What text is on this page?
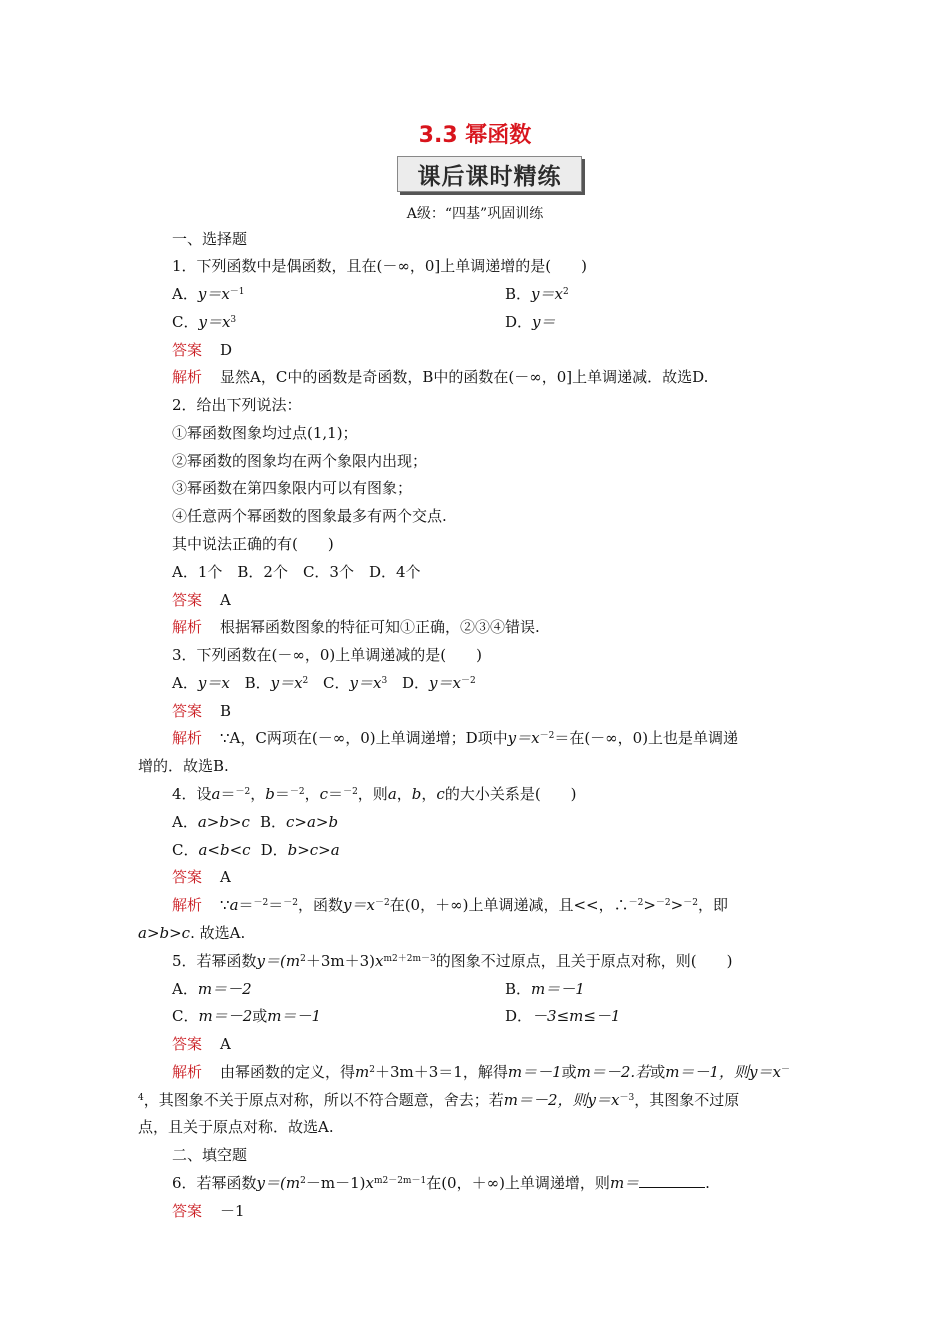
3.3 幂函数
课后课时精练
A级：“四基”巩固训练
一、选择题
1．下列函数中是偶函数，且在(－∞，0]上单调递增的是(　　)
A．$y=x^{-1}$	B．$y=x^2$
C．$y=x^3$	D．y＝
答案 D
解析 显然A，C中的函数是奇函数，B中的函数在(－∞，0]上单调递减．故选D.
2．给出下列说法：
①幂函数图象均过点(1,1)；
②幂函数的图象均在两个象限内出现；
③幂函数在第四象限内可以有图象；
④任意两个幂函数的图象最多有两个交点.
其中说法正确的有(　　)
A．1个　B．2个　C．3个　D．4个
答案 A
解析 根据幂函数图象的特征可知①正确，②③④错误.
3．下列函数在(－∞，0)上单调递减的是(　　)
A．y＝x B．$y=x^2$ C．$y=x^3$ D．$y=x^{-2}$
答案 B
解析 ∵A，C两项在(－∞，0)上单调递增；D项中$y=x^{-2}=$在(－∞，0)上也是单调递
增的．故选B.
4．设a＝$^{-2}$，b＝$^{-2}$，c＝$^{-2}$，则a，b，c的大小关系是(　　)
A．a>b>c B．c>a>b
C．a<b<c D．b>c>a
答案 A
解析 ∵a＝$^{-2}$＝$^{-2}$，函数$y=x^{-2}$在(0，＋∞)上单调递减，且<<，∴$^{-2}$>$^{-2}$>$^{-2}$，即
a>b>c. 故选A.
5．若幂函数$y=(m^2+3m+3)x^{m2+2m-3}$的图象不过原点，且关于原点对称，则(　　)
A．m＝－2	B．m＝－1
C．m＝－2或m＝－1	D．－3≤m≤－1
答案 A
解析 由幂函数的定义，得$m^2+3m+3=1$，解得m＝－1或m＝－2.若或m＝－1，则y＝x－
$^4$，其图象不关于原点对称，所以不符合题意，舍去；若m＝－2，则$y=x^{-3}$，其图象不过原
点，且关于原点对称．故选A.
二、填空题
6．若幂函数$y=(m^2-m-1)x^{m2-2m-1}$在(0，＋∞)上单调递增，则m＝	.
答案 －1
